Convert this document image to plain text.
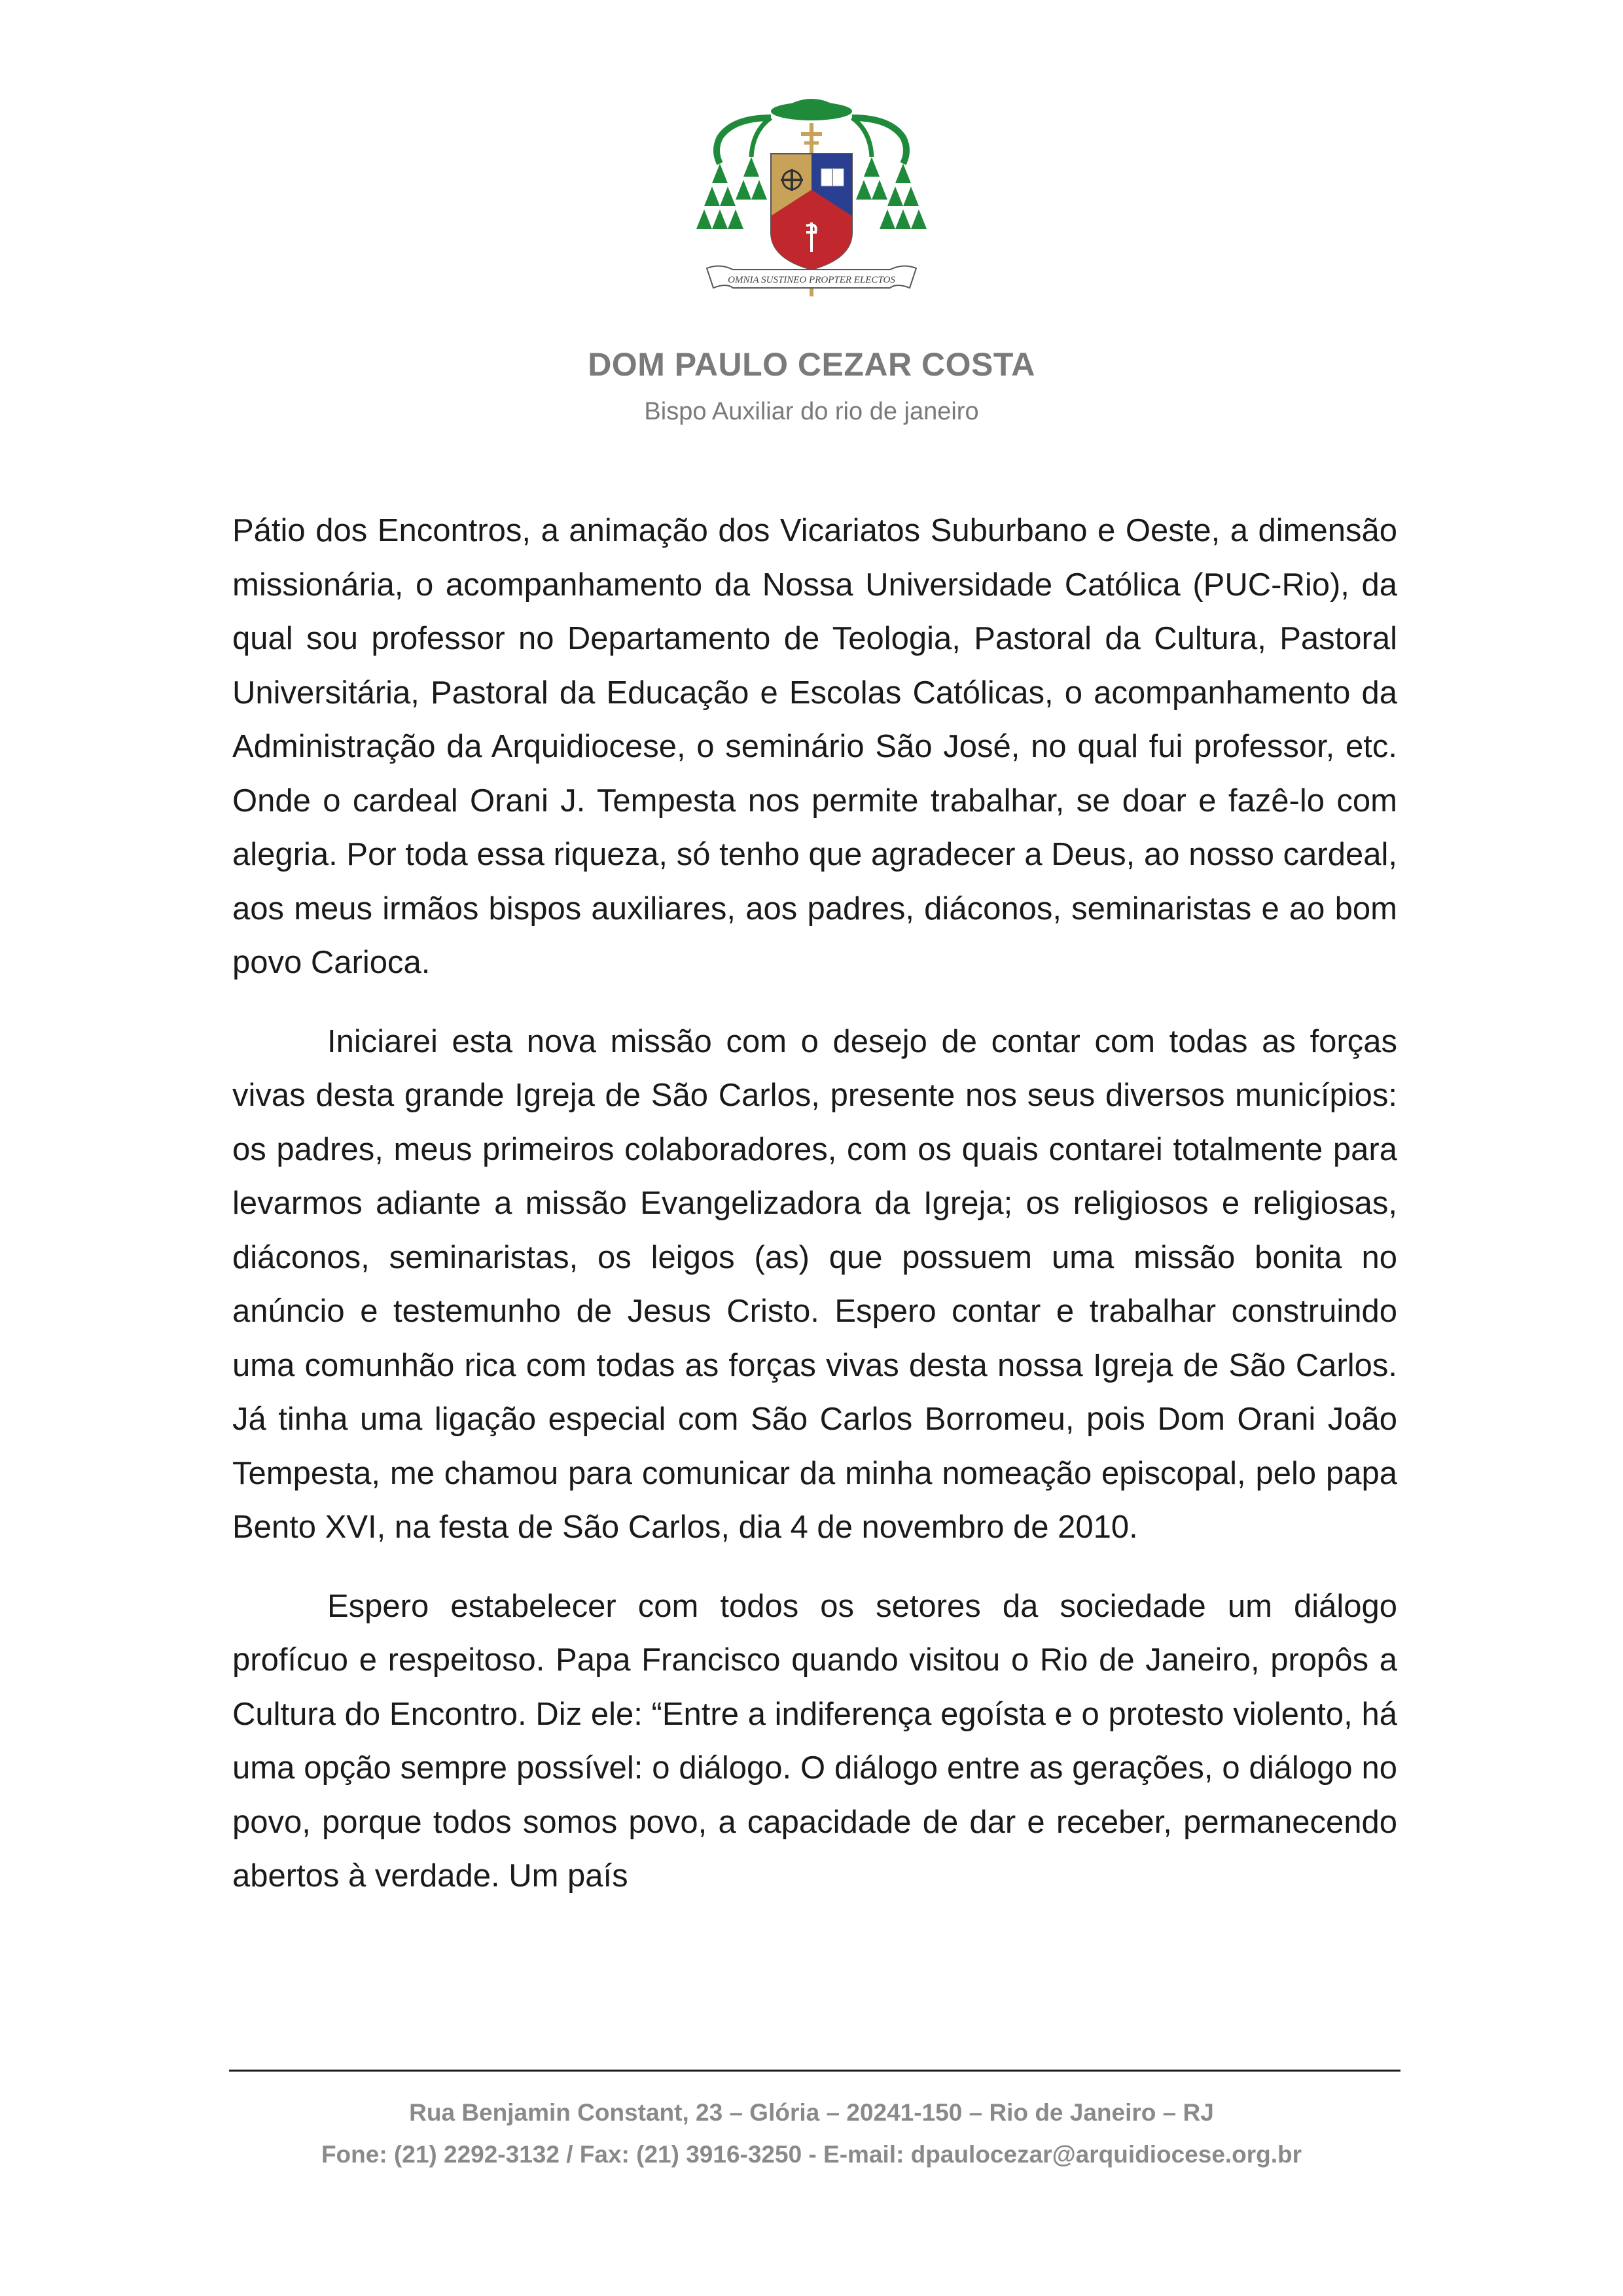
OMNIA SUSTINEO PROPTER ELECTOS
DOM PAULO CEZAR COSTA
Bispo Auxiliar do rio de janeiro

Pátio dos Encontros, a animação dos Vicariatos Suburbano e Oeste, a dimensão missionária, o acompanhamento da Nossa Universidade Católica (PUC-Rio), da qual sou professor no Departamento de Teologia, Pastoral da Cultura, Pastoral Universitária, Pastoral da Educação e Escolas Católicas, o acompanhamento da Administração da Arquidiocese, o seminário São José, no qual fui professor, etc. Onde o cardeal Orani J. Tempesta nos permite trabalhar, se doar e fazê-lo com alegria. Por toda essa riqueza, só tenho que agradecer a Deus, ao nosso cardeal, aos meus irmãos bispos auxiliares, aos padres, diáconos, seminaristas e ao bom povo Carioca.

Iniciarei esta nova missão com o desejo de contar com todas as forças vivas desta grande Igreja de São Carlos, presente nos seus diversos municípios: os padres, meus primeiros colaboradores, com os quais contarei totalmente para levarmos adiante a missão Evangelizadora da Igreja; os religiosos e religiosas, diáconos, seminaristas, os leigos (as) que possuem uma missão bonita no anúncio e testemunho de Jesus Cristo. Espero contar e trabalhar construindo uma comunhão rica com todas as forças vivas desta nossa Igreja de São Carlos. Já tinha uma ligação especial com São Carlos Borromeu, pois Dom Orani João Tempesta, me chamou para comunicar da minha nomeação episcopal, pelo papa Bento XVI, na festa de São Carlos, dia 4 de novembro de 2010.

Espero estabelecer com todos os setores da sociedade um diálogo profícuo e respeitoso. Papa Francisco quando visitou o Rio de Janeiro, propôs a Cultura do Encontro. Diz ele: “Entre a indiferença egoísta e o protesto violento, há uma opção sempre possível: o diálogo. O diálogo entre as gerações, o diálogo no povo, porque todos somos povo, a capacidade de dar e receber, permanecendo abertos à verdade. Um país

Rua Benjamin Constant, 23 – Glória – 20241-150 – Rio de Janeiro – RJ
Fone: (21) 2292-3132 / Fax: (21) 3916-3250 - E-mail: dpaulocezar@arquidiocese.org.br
